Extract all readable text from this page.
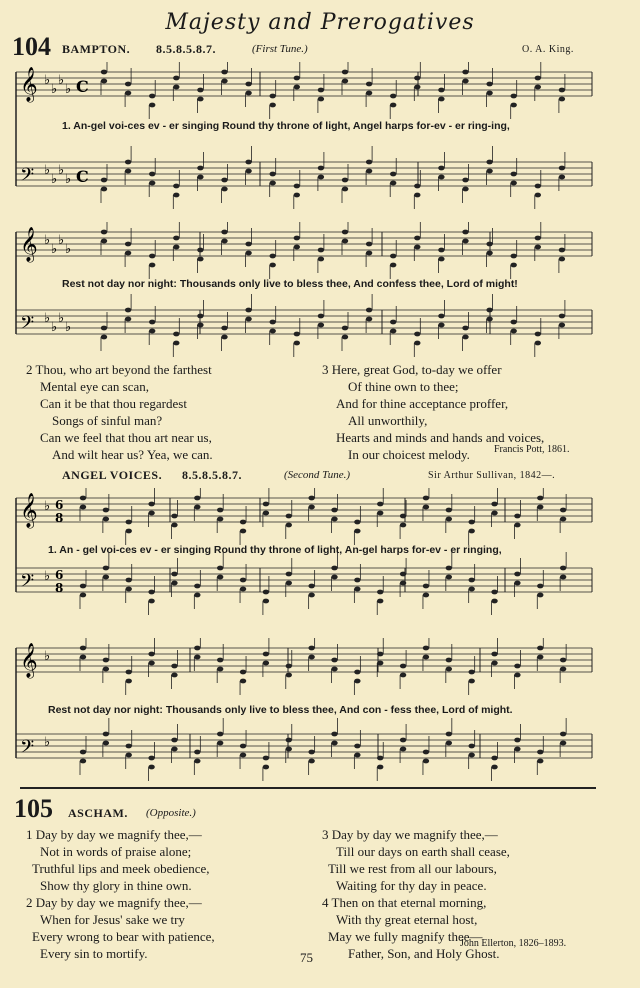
Majesty and Prerogatives
104 BAMPTON. 8.5.8.5.8.7.	(First Tune.)	O. A. King.
𝄞 ♭
♭
♭
♭ C
𝄢 ♭
♭
♭
♭ C
1. An-gel voi-ces ev - er singing Round thy throne of light, Angel harps for-ev - er ring-ing,
𝄞 ♭
♭
♭
♭
𝄢 ♭
♭
♭
♭
Rest not day nor night: Thousands only live to bless thee, And confess thee, Lord of might!
2 Thou, who art beyond the farthest
Mental eye can scan,
Can it be that thou regardest
Songs of sinful man?
Can we feel that thou art near us,
And wilt hear us? Yea, we can.
3 Here, great God, to-day we offer
Of thine own to thee;
And for thine acceptance proffer,
All unworthily,
Hearts and minds and hands and voices,
In our choicest melody.	Francis Pott, 1861.
ANGEL VOICES. 8.5.8.5.8.7.	(Second Tune.)	Sir Arthur Sullivan, 1842—.
𝄞 ♭ 6
8
𝄢 ♭ 6
8
1. An - gel voi-ces ev - er singing Round thy throne of light, An-gel harps for-ev - er ringing,
𝄞 ♭
𝄢 ♭
Rest not day nor night: Thousands only live to bless thee, And con - fess thee, Lord of might.
105 ASCHAM. (Opposite.)
1 Day by day we magnify thee,—
Not in words of praise alone;
Truthful lips and meek obedience,
Show thy glory in thine own.
2 Day by day we magnify thee,—
When for Jesus' sake we try
Every wrong to bear with patience,
Every sin to mortify.
3 Day by day we magnify thee,—
Till our days on earth shall cease,
Till we rest from all our labours,
Waiting for thy day in peace.
4 Then on that eternal morning,
With thy great eternal host,
May we fully magnify thee—
Father, Son, and Holy Ghost.
John Ellerton, 1826–1893.
75
